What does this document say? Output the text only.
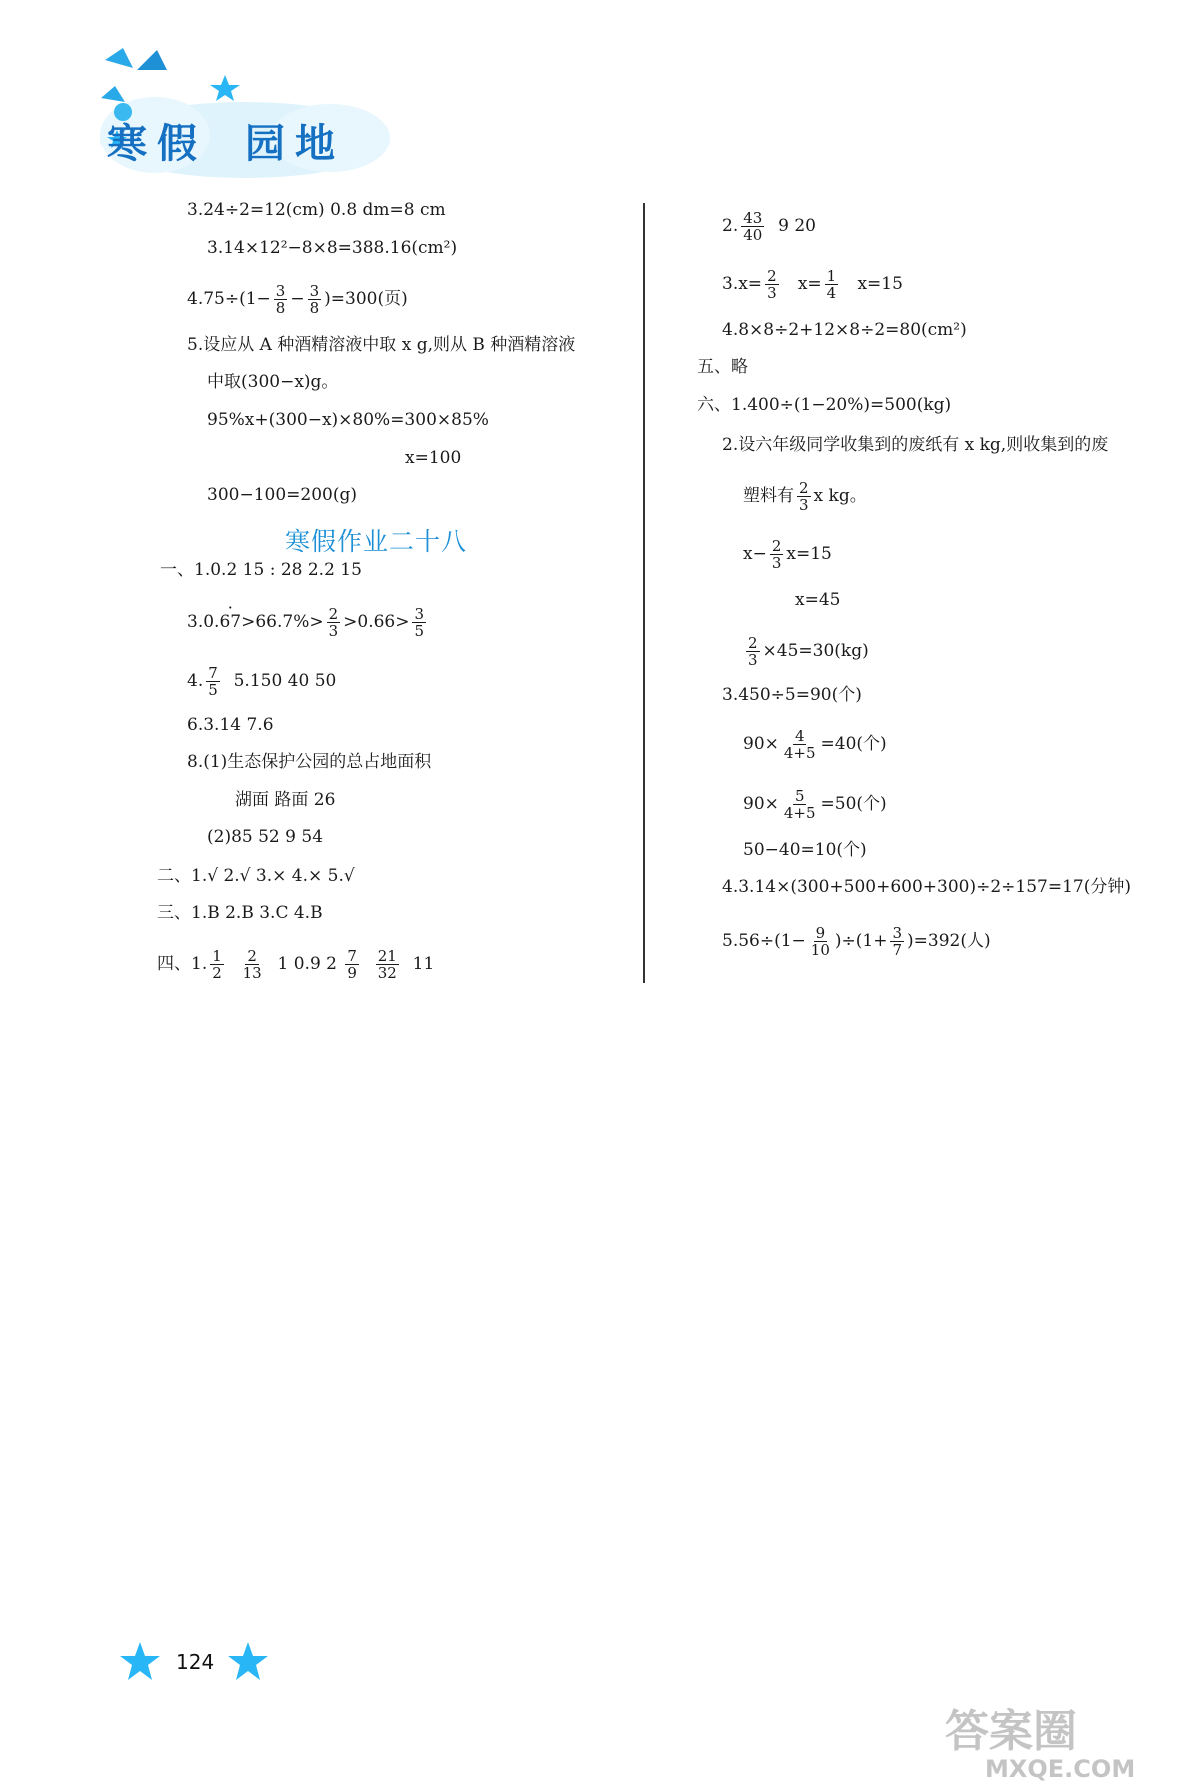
寒 假 园 地
3.24÷2=12(cm) 0.8 dm=8 cm
3.14×12²−8×8=388.16(cm²)
$4.75\div(1- \frac{3}{8} - \frac{3}{8} )=300$(页)
5.设应从 A 种酒精溶液中取 x g,则从 B 种酒精溶液
中取(300−x)g。
95%x+(300−x)×80%=300×85%
x=100
300−100=200(g)
寒假作业二十八
一、1.0.2 15 : 28 2.2 15
$3.0.\cdot 67>66.7\%> \frac{2}{3} >0.66> \frac{3}{5}$
4. $\frac{7}{5} 5.150$ 40 50
6.3.14 7.6
8.(1)生态保护公园的总占地面积
湖面 路面 26
(2)85 52 9 54
二、1.√ 2.√ 3.× 4.× 5.√
三、1.B 2.B 3.C 4.B
四、1. $\frac{1}{2}$
$\frac{2}{13} 1$ 0.9 $2 \frac{7}{9}$
$\frac{21}{32} 11$
2. $\frac{43}{40} 9$ 20
$3.x= \frac{2}{3} x= \frac{1}{4} x=15$
4.8×8÷2+12×8÷2=80(cm²)
五、略
六、1.400÷(1−20%)=500(kg)
2.设六年级同学收集到的废纸有 x kg,则收集到的废
塑料有 $\frac{2}{3}$ x kg。
$x- \frac{2}{3} x=15$
x=45
$\frac{2}{3} \times 45=30(kg)$
3.450÷5=90(个)
$90\times \frac{4}{4+5} =40$(个)
$90\times \frac{5}{4+5} =50$(个)
50−40=10(个)
4.3.14×(300+500+600+300)÷2÷157=17(分钟)
$5.56\div(1- \frac{9}{10} )\div(1+ \frac{3}{7} )=392$(人)
124
答案圈
MXQE.COM
